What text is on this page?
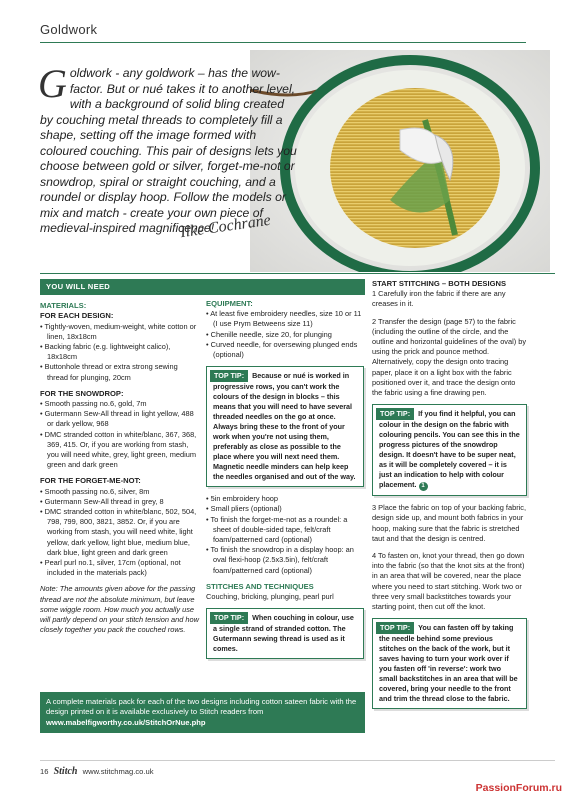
Goldwork
Goldwork - any goldwork – has the wow-factor. But or nué takes it to another level, with a background of solid bling created by couching metal threads to completely fill a shape, setting off the image formed with coloured couching. This pair of designs lets you choose between gold or silver, forget-me-not or snowdrop, spiral or straight couching, and a roundel or display hoop. Follow the models or mix and match - create your own piece of medieval-inspired magnificence!
Ilke Cochrane
YOU WILL NEED
MATERIALS:
FOR EACH DESIGN:
• Tightly-woven, medium-weight, white cotton or linen, 18x18cm
• Backing fabric (e.g. lightweight calico), 18x18cm
• Buttonhole thread or extra strong sewing thread for plunging, 20cm
FOR THE SNOWDROP:
• Smooth passing no.6, gold, 7m
• Gutermann Sew-All thread in light yellow, 488 or dark yellow, 968
• DMC stranded cotton in white/blanc, 367, 368, 369, 415. Or, if you are working from stash, you will need white, grey, light green, medium green and dark green
FOR THE FORGET-ME-NOT:
• Smooth passing no.6, silver, 8m
• Gutermann Sew-All thread in grey, 8
• DMC stranded cotton in white/blanc, 502, 504, 798, 799, 800, 3821, 3852. Or, if you are working from stash, you will need white, light yellow, dark yellow, light blue, medium blue, dark blue, light green and dark green
• Pearl purl no.1, silver, 17cm (optional, not included in the materials pack)
Note: The amounts given above for the passing thread are not the absolute minimum, but leave some wiggle room. How much you actually use will partly depend on your stitch tension and how closely together you pack the couched rows.
EQUIPMENT:
• At least five embroidery needles, size 10 or 11 (I use Prym Betweens size 11)
• Chenille needle, size 20, for plunging
• Curved needle, for oversewing plunged ends (optional)
TOP TIP: Because or nué is worked in progressive rows, you can't work the colours of the design in blocks – this means that you will need to have several threaded needles on the go at once. Always bring these to the front of your work when you're not using them, preferably as close as possible to the place where you will next need them. Magnetic needle minders can help keep the needles organised and out of the way.
• 5in embroidery hoop
• Small pliers (optional)
• To finish the forget-me-not as a roundel: a sheet of double-sided tape, felt/craft foam/patterned card (optional)
• To finish the snowdrop in a display hoop: an oval flexi-hoop (2.5x3.5in), felt/craft foam/patterned card (optional)
STITCHES AND TECHNIQUES
Couching, bricking, plunging, pearl purl
TOP TIP: When couching in colour, use a single strand of stranded cotton. The Gutermann sewing thread is used as it comes.
START STITCHING – BOTH DESIGNS
1 Carefully iron the fabric if there are any creases in it.
2 Transfer the design (page 57) to the fabric (including the outline of the circle, and the outline and horizontal guidelines of the oval) by using the prick and pounce method. Alternatively, copy the design onto tracing paper, place it on a light box with the fabric positioned over it, and trace the design onto the fabric using a fine drawing pen.
TOP TIP: If you find it helpful, you can colour in the design on the fabric with colouring pencils. You can see this in the progress pictures of the snowdrop design. It doesn't have to be super neat, as it will be completely covered – it is just an indication to help with colour placement. 1
3 Place the fabric on top of your backing fabric, design side up, and mount both fabrics in your hoop, making sure that the fabric is stretched taut and that the design is centred.
4 To fasten on, knot your thread, then go down into the fabric (so that the knot sits at the front) in an area that will be covered, near the place where you need to start stitching. Work two or three very small backstitches towards your starting point, then cut off the knot.
TOP TIP: You can fasten off by taking the needle behind some previous stitches on the back of the work, but it saves having to turn your work over if you fasten off 'in reverse': work two small backstitches in an area that will be covered, bring your needle to the front and trim the thread close to the fabric.
A complete materials pack for each of the two designs including cotton sateen fabric with the design printed on it is available exclusively to Stitch readers from www.mabelfigworthy.co.uk/StitchOrNue.php
16 Stitch www.stitchmag.co.uk
PassionForum.ru
